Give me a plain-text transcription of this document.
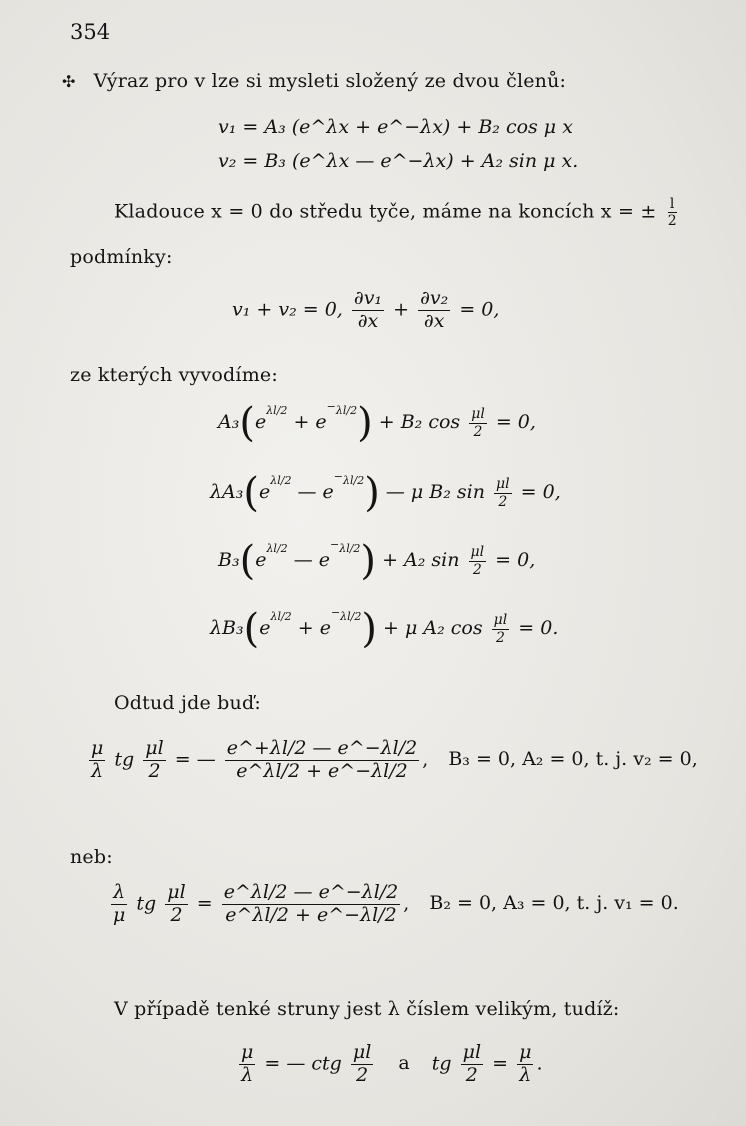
354
✣ Výraz pro v lze si mysleti složený ze dvou členů:
v₁ = A₃ (e^λx + e^−λx) + B₂ cos μ x
v₂ = B₃ (e^λx — e^−λx) + A₂ sin μ x.
Kladouce x = 0 do středu tyče, máme na koncích x = ± $\frac{l}{2}$
podmínky:
v₁ + v₂ = 0, $\frac{\text{∂v₁}}{\partial x} + \frac{\text{∂v₂}}{\partial x} = 0$,
ze kterých vyvodíme:
$A_3(e^{\lambda l/2} + e^{-\lambda l/2}) + B_2$ $\cos \frac{\mu l}{2} = 0$,
$\lambda A_3(e^{\lambda l/2}$ — $e^{-\lambda l/2}$) — μ B₂ $\sin \frac{\mu l}{2} = 0$,
$B_3(e^{\lambda l/2}$ — $e^{-\lambda l/2}) + A_2$ $\sin \frac{\mu l}{2} = 0$,
$\lambda B_3(e^{\lambda l/2} + e^{-\lambda l/2}) + \mu$ A₂ $\cos \frac{\mu l}{2} = 0$.
Odtud jde buď:
$\frac{\mu}{\lambda}$ tg $\frac{\mu l}{2}$ = — $\frac{e\^{}+\lambda l/2 — e\^{}-\lambda l/2}{e\^{}\lambda l/2 + e\^{}-\lambda l/2}$ , B₃ = 0, A₂ = 0, t. j. v₂ = 0,
neb:
$\frac{\lambda}{\mu}$ tg $\frac{\mu l}{2} = \frac{e\^{}\lambda l/2 — e\^{}-\lambda l/2}{e\^{}\lambda l/2 + e\^{}-\lambda l/2}$ , B₂ = 0, A₃ = 0, t. j. v₁ = 0.
V případě tenké struny jest λ číslem velikým, tudíž:
$\frac{\mu}{\lambda}$ = — ctg $\frac{\mu l}{2}$ a tg $\frac{\mu l}{2} = \frac{\mu}{\lambda}$ .
